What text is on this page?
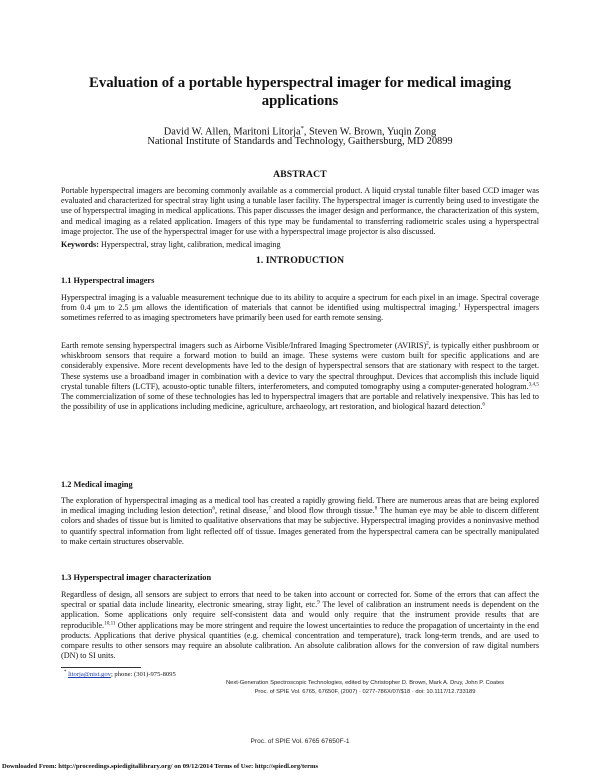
Evaluation of a portable hyperspectral imager for medical imaging applications
David W. Allen, Maritoni Litorja*, Steven W. Brown, Yuqin Zong
National Institute of Standards and Technology, Gaithersburg, MD 20899
ABSTRACT
Portable hyperspectral imagers are becoming commonly available as a commercial product. A liquid crystal tunable filter based CCD imager was evaluated and characterized for spectral stray light using a tunable laser facility. The hyperspectral imager is currently being used to investigate the use of hyperspectral imaging in medical applications. This paper discusses the imager design and performance, the characterization of this system, and medical imaging as a related application. Imagers of this type may be fundamental to transferring radiometric scales using a hyperspectral image projector. The use of the hyperspectral imager for use with a hyperspectral image projector is also discussed.
Keywords: Hyperspectral, stray light, calibration, medical imaging
1. INTRODUCTION
1.1 Hyperspectral imagers
Hyperspectral imaging is a valuable measurement technique due to its ability to acquire a spectrum for each pixel in an image. Spectral coverage from 0.4 μm to 2.5 μm allows the identification of materials that cannot be identified using multispectral imaging.$^1$ Hyperspectral imagers sometimes referred to as imaging spectrometers have primarily been used for earth remote sensing.
Earth remote sensing hyperspectral imagers such as Airborne Visible/Infrared Imaging Spectrometer (AVIRIS)$^2$, is typically either pushbroom or whiskbroom sensors that require a forward motion to build an image. These systems were custom built for specific applications and are considerably expensive. More recent developments have led to the design of hyperspectral sensors that are stationary with respect to the target. These systems use a broadband imager in combination with a device to vary the spectral throughput. Devices that accomplish this include liquid crystal tunable filters (LCTF), acousto-optic tunable filters, interferometers, and computed tomography using a computer-generated hologram.$^{3,4,5}$ The commercialization of some of these technologies has led to hyperspectral imagers that are portable and relatively inexpensive. This has led to the possibility of use in applications including medicine, agriculture, archaeology, art restoration, and biological hazard detection.$^6$
1.2 Medical imaging
The exploration of hyperspectral imaging as a medical tool has created a rapidly growing field. There are numerous areas that are being explored in medical imaging including lesion detection$^6$, retinal disease,$^7$ and blood flow through tissue.$^8$ The human eye may be able to discern different colors and shades of tissue but is limited to qualitative observations that may be subjective. Hyperspectral imaging provides a noninvasive method to quantify spectral information from light reflected off of tissue. Images generated from the hyperspectral camera can be spectrally manipulated to make certain structures observable.
1.3 Hyperspectral imager characterization
Regardless of design, all sensors are subject to errors that need to be taken into account or corrected for. Some of the errors that can affect the spectral or spatial data include linearity, electronic smearing, stray light, etc.$^9$ The level of calibration an instrument needs is dependent on the application. Some applications only require self-consistent data and would only require that the instrument provide results that are reproducible.$^{10,11}$ Other applications may be more stringent and require the lowest uncertainties to reduce the propagation of uncertainty in the end products. Applications that derive physical quantities (e.g. chemical concentration and temperature), track long-term trends, and are used to compare results to other sensors may require an absolute calibration. An absolute calibration allows for the conversion of raw digital numbers (DN) to SI units.
* litorja@nist.gov; phone: (301)-975-8095
Next-Generation Spectroscopic Technologies, edited by Christopher D. Brown, Mark A. Druy, John P. Coates
Proc. of SPIE Vol. 6765, 67650F, (2007) · 0277-786X/07/$18 · doi: 10.1117/12.733189
Proc. of SPIE Vol. 6765 67650F-1
Downloaded From: http://proceedings.spiedigitallibrary.org/ on 09/12/2014 Terms of Use: http://spiedl.org/terms
